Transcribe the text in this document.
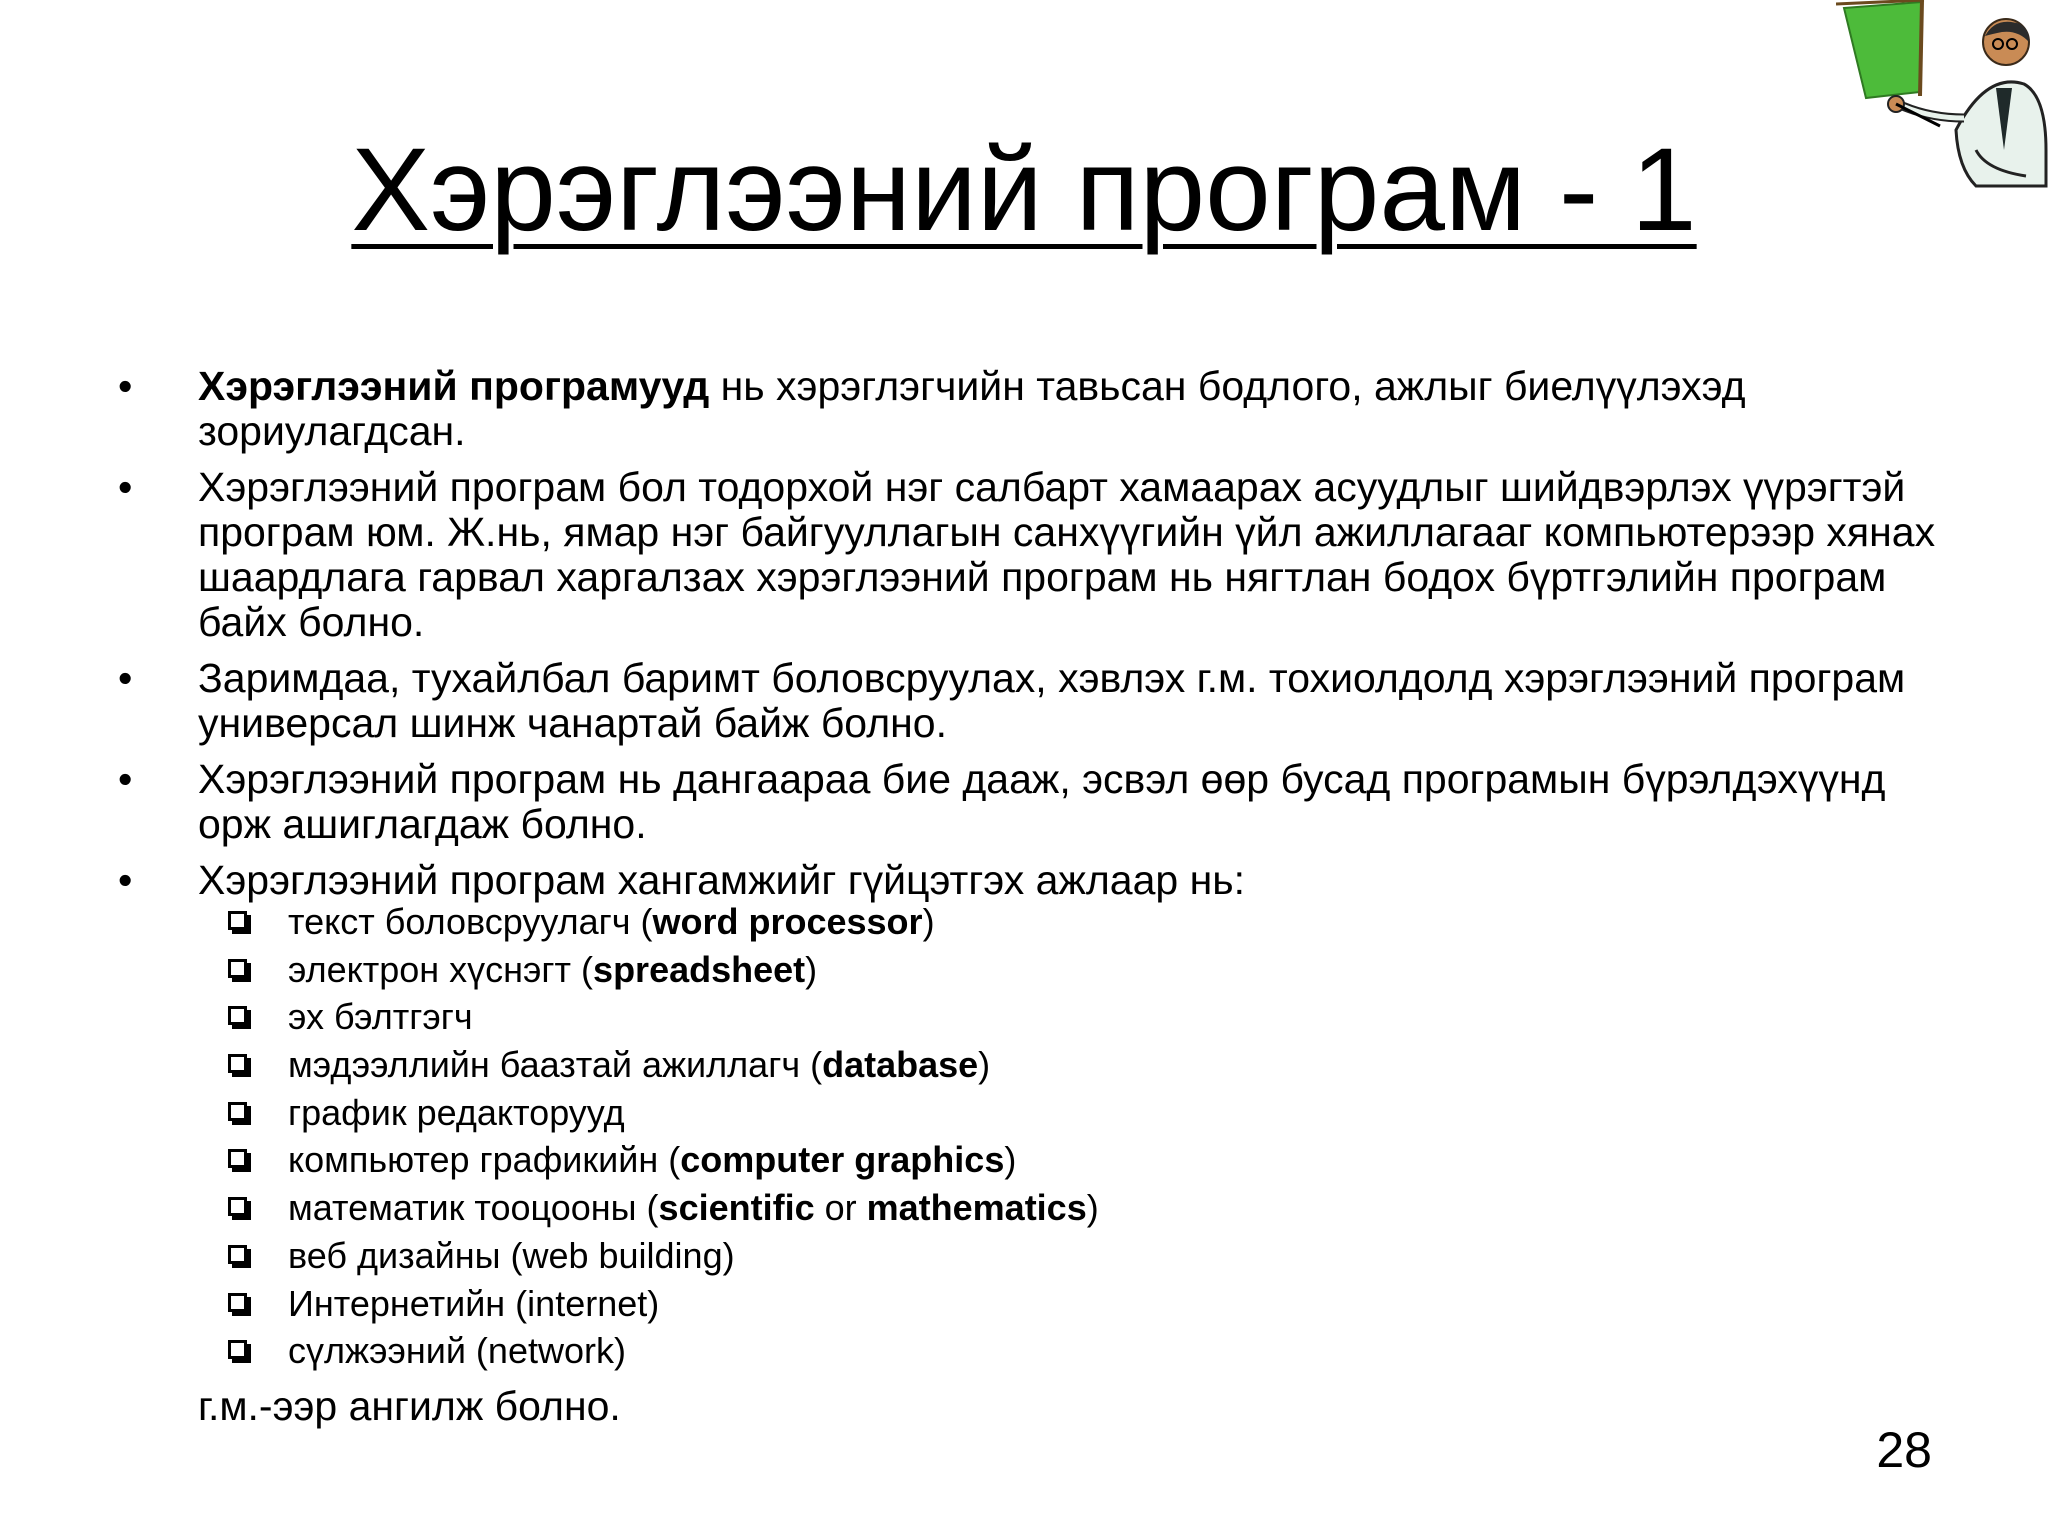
Хэрэглээний програм - 1
•	Хэрэглээний програмууд нь хэрэглэгчийн тавьсан бодлого, ажлыг биелүүлэхэд зориулагдсан.
•	Хэрэглээний програм бол тодорхой нэг салбарт хамаарах асуудлыг шийдвэрлэх үүрэгтэй програм юм. Ж.нь, ямар нэг байгууллагын санхүүгийн үйл ажиллагааг компьютерээр хянах шаардлага гарвал харгалзах хэрэглээний програм нь нягтлан бодох бүртгэлийн програм байх болно.
•	Заримдаа, тухайлбал баримт боловсруулах, хэвлэх г.м. тохиолдолд хэрэглээний програм универсал шинж чанартай байж болно.
•	Хэрэглээний програм нь дангаараа бие дааж, эсвэл өөр бусад програмын бүрэлдэхүүнд орж ашиглагдаж болно.
•	Хэрэглээний програм хангамжийг гүйцэтгэх ажлаар нь:
текст боловсруулагч (word processor)
электрон хүснэгт (spreadsheet)
эх бэлтгэгч
мэдээллийн баазтай ажиллагч (database)
график редакторууд
компьютер графикийн (computer graphics)
математик тооцооны (scientific or mathematics)
веб дизайны (web building)
Интернетийн (internet)
сүлжээний (network)
г.м.-ээр ангилж болно.
28
